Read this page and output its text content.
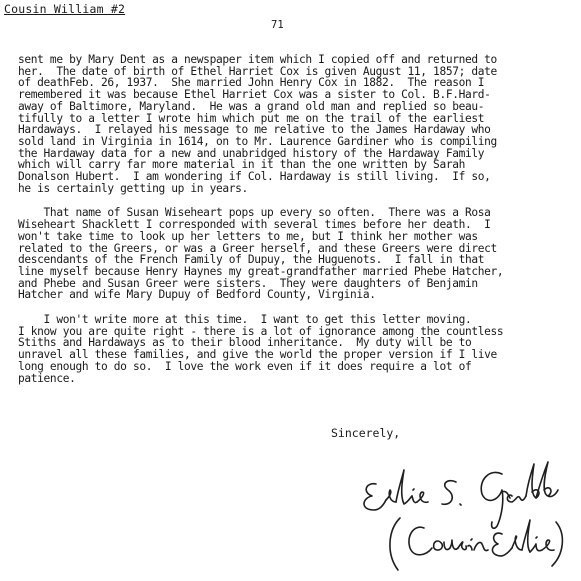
Cousin William #2
71
sent me by Mary Dent as a newspaper item which I copied off and returned to
her.  The date of birth of Ethel Harriet Cox is given August 11, 1857; date
of deathFeb. 26, 1937.  She married John Henry Cox in 1882.  The reason I
remembered it was because Ethel Harriet Cox was a sister to Col. B.F.Hard-
away of Baltimore, Maryland.  He was a grand old man and replied so beau-
tifully to a letter I wrote him which put me on the trail of the earliest
Hardaways.  I relayed his message to me relative to the James Hardaway who
sold land in Virginia in 1614, on to Mr. Laurence Gardiner who is compiling
the Hardaway data for a new and unabridged history of the Hardaway Family
which will carry far more material in it than the one written by Sarah
Donalson Hubert.  I am wondering if Col. Hardaway is still living.  If so,
he is certainly getting up in years.
That name of Susan Wiseheart pops up every so often.  There was a Rosa
Wiseheart Shacklett I corresponded with several times before her death.  I
won't take time to look up her letters to me, but I think her mother was
related to the Greers, or was a Greer herself, and these Greers were direct
descendants of the French Family of Dupuy, the Huguenots.  I fall in that
line myself because Henry Haynes my great-grandfather married Phebe Hatcher,
and Phebe and Susan Greer were sisters.  They were daughters of Benjamin
Hatcher and wife Mary Dupuy of Bedford County, Virginia.
I won't write more at this time.  I want to get this letter moving.
I know you are quite right - there is a lot of ignorance among the countless
Stiths and Hardaways as to their blood inheritance.  My duty will be to
unravel all these families, and give the world the proper version if I live
long enough to do so.  I love the work even if it does require a lot of
patience.
Sincerely,
